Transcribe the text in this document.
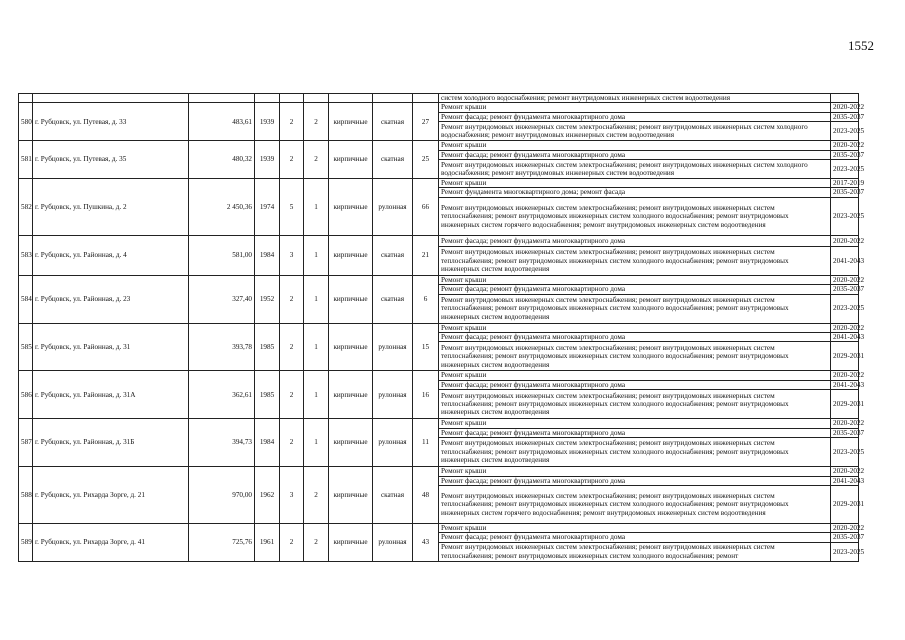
1552
									систем холодного водоснабжения; ремонт внутридомовых инженерных систем водоотведения	
580	г. Рубцовск, ул. Путевая, д. 33	483,61	1939	2	2	кирпичные	скатная	27	Ремонт крыши	2020-2022
									Ремонт фасада; ремонт фундамента многоквартирного дома	2035-2037
									Ремонт внутридомовых инженерных систем электроснабжения; ремонт внутридомовых инженерных систем холодного водоснабжения; ремонт внутридомовых инженерных систем водоотведения	2023-2025
581	г. Рубцовск, ул. Путевая, д. 35	480,32	1939	2	2	кирпичные	скатная	25	Ремонт крыши	2020-2022
									Ремонт фасада; ремонт фундамента многоквартирного дома	2035-2037
									Ремонт внутридомовых инженерных систем электроснабжения; ремонт внутридомовых инженерных систем холодного водоснабжения; ремонт внутридомовых инженерных систем водоотведения	2023-2025
582	г. Рубцовск, ул. Пушкина, д. 2	2 450,36	1974	5	1	кирпичные	рулонная	66	Ремонт крыши	2017-2019
									Ремонт фундамента многоквартирного дома; ремонт фасада	2035-2037
									Ремонт внутридомовых инженерных систем электроснабжения; ремонт внутридомовых инженерных систем теплоснабжения; ремонт внутридомовых инженерных систем холодного водоснабжения; ремонт внутридомовых инженерных систем горячего водоснабжения; ремонт внутридомовых инженерных систем водоотведения	2023-2025
583	г. Рубцовск, ул. Районная, д. 4	581,00	1984	3	1	кирпичные	скатная	21	Ремонт фасада; ремонт фундамента многоквартирного дома	2020-2022
									Ремонт внутридомовых инженерных систем электроснабжения; ремонт внутридомовых инженерных систем теплоснабжения; ремонт внутридомовых инженерных систем холодного водоснабжения; ремонт внутридомовых инженерных систем водоотведения	2041-2043
584	г. Рубцовск, ул. Районная, д. 23	327,40	1952	2	1	кирпичные	скатная	6	Ремонт крыши	2020-2022
									Ремонт фасада; ремонт фундамента многоквартирного дома	2035-2037
									Ремонт внутридомовых инженерных систем электроснабжения; ремонт внутридомовых инженерных систем теплоснабжения; ремонт внутридомовых инженерных систем холодного водоснабжения; ремонт внутридомовых инженерных систем водоотведения	2023-2025
585	г. Рубцовск, ул. Районная, д. 31	393,78	1985	2	1	кирпичные	рулонная	15	Ремонт крыши	2020-2022
									Ремонт фасада; ремонт фундамента многоквартирного дома	2041-2043
									Ремонт внутридомовых инженерных систем электроснабжения; ремонт внутридомовых инженерных систем теплоснабжения; ремонт внутридомовых инженерных систем холодного водоснабжения; ремонт внутридомовых инженерных систем водоотведения	2029-2031
586	г. Рубцовск, ул. Районная, д. 31А	362,61	1985	2	1	кирпичные	рулонная	16	Ремонт крыши	2020-2022
									Ремонт фасада; ремонт фундамента многоквартирного дома	2041-2043
									Ремонт внутридомовых инженерных систем электроснабжения; ремонт внутридомовых инженерных систем теплоснабжения; ремонт внутридомовых инженерных систем холодного водоснабжения; ремонт внутридомовых инженерных систем водоотведения	2029-2031
587	г. Рубцовск, ул. Районная, д. 31Б	394,73	1984	2	1	кирпичные	рулонная	11	Ремонт крыши	2020-2022
									Ремонт фасада; ремонт фундамента многоквартирного дома	2035-2037
									Ремонт внутридомовых инженерных систем электроснабжения; ремонт внутридомовых инженерных систем теплоснабжения; ремонт внутридомовых инженерных систем холодного водоснабжения; ремонт внутридомовых инженерных систем водоотведения	2023-2025
588	г. Рубцовск, ул. Рихарда Зорге, д. 21	970,00	1962	3	2	кирпичные	скатная	48	Ремонт крыши	2020-2022
									Ремонт фасада; ремонт фундамента многоквартирного дома	2041-2043
									Ремонт внутридомовых инженерных систем электроснабжения; ремонт внутридомовых инженерных систем теплоснабжения; ремонт внутридомовых инженерных систем холодного водоснабжения; ремонт внутридомовых инженерных систем горячего водоснабжения; ремонт внутридомовых инженерных систем водоотведения	2029-2031
589	г. Рубцовск, ул. Рихарда Зорге, д. 41	725,76	1961	2	2	кирпичные	рулонная	43	Ремонт крыши	2020-2022
									Ремонт фасада; ремонт фундамента многоквартирного дома	2035-2037
									Ремонт внутридомовых инженерных систем электроснабжения; ремонт внутридомовых инженерных систем теплоснабжения; ремонт внутридомовых инженерных систем холодного водоснабжения; ремонт	2023-2025
